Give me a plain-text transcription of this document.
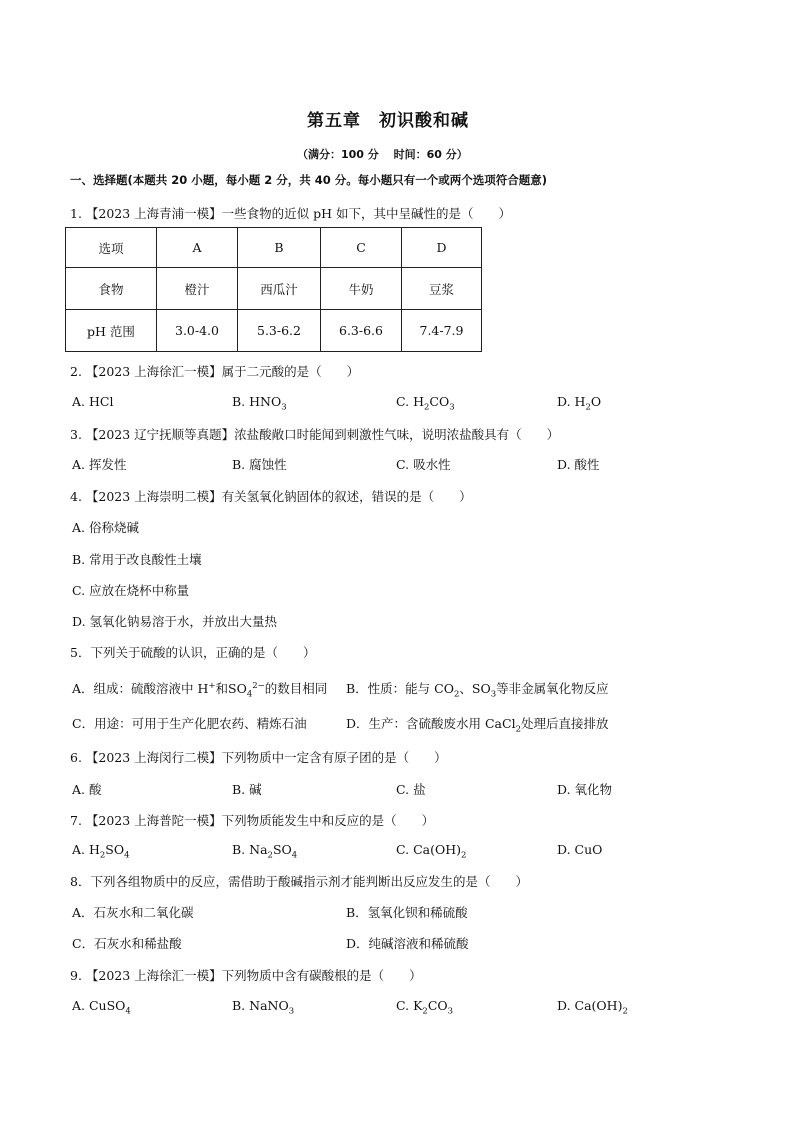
第五章　初识酸和碱
（满分：100 分　 时间：60 分）
一、选择题(本题共 20 小题，每小题 2 分，共 40 分。每小题只有一个或两个选项符合题意)
1. 【2023 上海青浦一模】一些食物的近似 pH 如下，其中呈碱性的是（　　）
选项	A	B	C	D
食物	橙汁	西瓜汁	牛奶	豆浆
pH 范围	3.0-4.0	5.3-6.2	6.3-6.6	7.4-7.9
2. 【2023 上海徐汇一模】属于二元酸的是（　　）
A. HCl	B. $HNO_3$	C. $H_2CO_3$	D. $H_2O$
3. 【2023 辽宁抚顺等真题】浓盐酸敞口时能闻到刺激性气味，说明浓盐酸具有（　　）
A. 挥发性	B. 腐蚀性	C. 吸水性	D. 酸性
4. 【2023 上海崇明二模】有关氢氧化钠固体的叙述，错误的是（　　）
A. 俗称烧碱
B. 常用于改良酸性土壤
C. 应放在烧杯中称量
D. 氢氧化钠易溶于水，并放出大量热
5．下列关于硫酸的认识，正确的是（　　）
A．组成：硫酸溶液中 H+和$SO_4^{2-}$的数目相同 B．性质：能与 $CO_2$、$SO_3$等非金属氧化物反应
C．用途：可用于生产化肥农药、精炼石油	D．生产：含硫酸废水用 CaCl$_2$处理后直接排放
6. 【2023 上海闵行二模】下列物质中一定含有原子团的是（　　）
A. 酸	B. 碱	C. 盐	D. 氧化物
7. 【2023 上海普陀一模】下列物质能发生中和反应的是（　　）
A. $H_2SO_4$	B. $Na_2SO_4$	C. $Ca(OH)_2$	D. CuO
8．下列各组物质中的反应，需借助于酸碱指示剂才能判断出反应发生的是（　　）
A．石灰水和二氧化碳	B．氢氧化钡和稀硫酸
C．石灰水和稀盐酸	D．纯碱溶液和稀硫酸
9. 【2023 上海徐汇一模】下列物质中含有碳酸根的是（　　）
A. CuSO$_4$	B. NaNO$_3$	C. $K_2CO_3$	D. $Ca(OH)_2$
